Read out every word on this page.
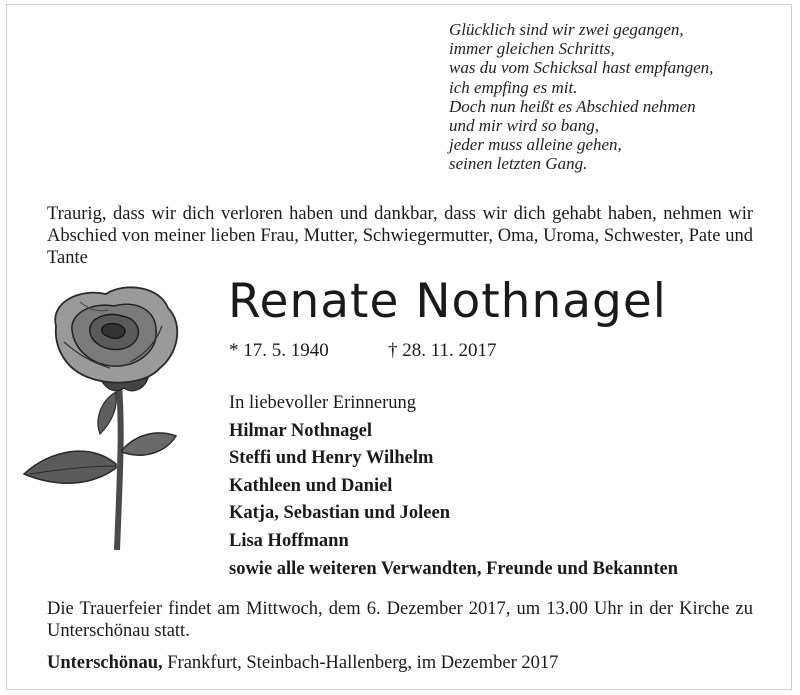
Glücklich sind wir zwei gegangen,
immer gleichen Schritts,
was du vom Schicksal hast empfangen,
ich empfing es mit.
Doch nun heißt es Abschied nehmen
und mir wird so bang,
jeder muss alleine gehen,
seinen letzten Gang.
Traurig, dass wir dich verloren haben und dankbar, dass wir dich gehabt haben, nehmen wir Abschied von meiner lieben Frau, Mutter, Schwiegermutter, Oma, Uroma, Schwester, Pate und Tante
Renate Nothnagel
* 17. 5. 1940	† 28. 11. 2017
In liebevoller Erinnerung
Hilmar Nothnagel
Steffi und Henry Wilhelm
Kathleen und Daniel
Katja, Sebastian und Joleen
Lisa Hoffmann
sowie alle weiteren Verwandten, Freunde und Bekannten
Die Trauerfeier findet am Mittwoch, dem 6. Dezember 2017, um 13.00 Uhr in der Kirche zu Unterschönau statt.
Unterschönau, Frankfurt, Steinbach-Hallenberg, im Dezember 2017
